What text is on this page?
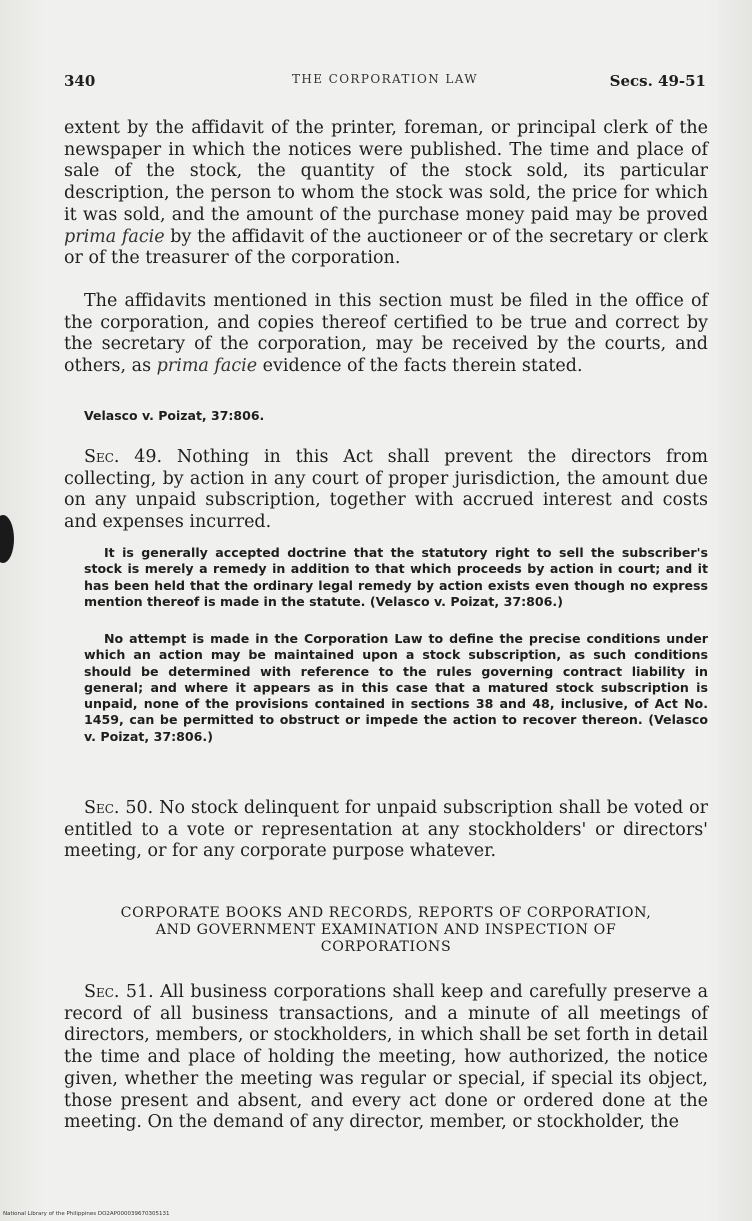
340	THE CORPORATION LAW	Secs. 49-51

extent by the affidavit of the printer, foreman, or principal clerk of the newspaper in which the notices were published. The time and place of sale of the stock, the quantity of the stock sold, its particular description, the person to whom the stock was sold, the price for which it was sold, and the amount of the purchase money paid may be proved prima facie by the affidavit of the auctioneer or of the secretary or clerk or of the treasurer of the corporation.

The affidavits mentioned in this section must be filed in the office of the corporation, and copies thereof certified to be true and correct by the secretary of the corporation, may be received by the courts, and others, as prima facie evidence of the facts therein stated.

Velasco v. Poizat, 37:806.

Sec. 49. Nothing in this Act shall prevent the directors from collecting, by action in any court of proper jurisdiction, the amount due on any unpaid subscription, together with accrued interest and costs and expenses incurred.

It is generally accepted doctrine that the statutory right to sell the subscriber's stock is merely a remedy in addition to that which proceeds by action in court; and it has been held that the ordinary legal remedy by action exists even though no express mention thereof is made in the statute. (Velasco v. Poizat, 37:806.)

No attempt is made in the Corporation Law to define the precise conditions under which an action may be maintained upon a stock subscription, as such conditions should be determined with reference to the rules governing contract liability in general; and where it appears as in this case that a matured stock subscription is unpaid, none of the provisions contained in sections 38 and 48, inclusive, of Act No. 1459, can be permitted to obstruct or impede the action to recover thereon. (Velasco v. Poizat, 37:806.)

Sec. 50. No stock delinquent for unpaid subscription shall be voted or entitled to a vote or representation at any stockholders' or directors' meeting, or for any corporate purpose whatever.

CORPORATE BOOKS AND RECORDS, REPORTS OF CORPORATION,
AND GOVERNMENT EXAMINATION AND INSPECTION OF
CORPORATIONS

Sec. 51. All business corporations shall keep and carefully preserve a record of all business transactions, and a minute of all meetings of directors, members, or stockholders, in which shall be set forth in detail the time and place of holding the meeting, how authorized, the notice given, whether the meeting was regular or special, if special its object, those present and absent, and every act done or ordered done at the meeting. On the demand of any director, member, or stockholder, the

National Library of the Philippines DO2AP000039670305131
